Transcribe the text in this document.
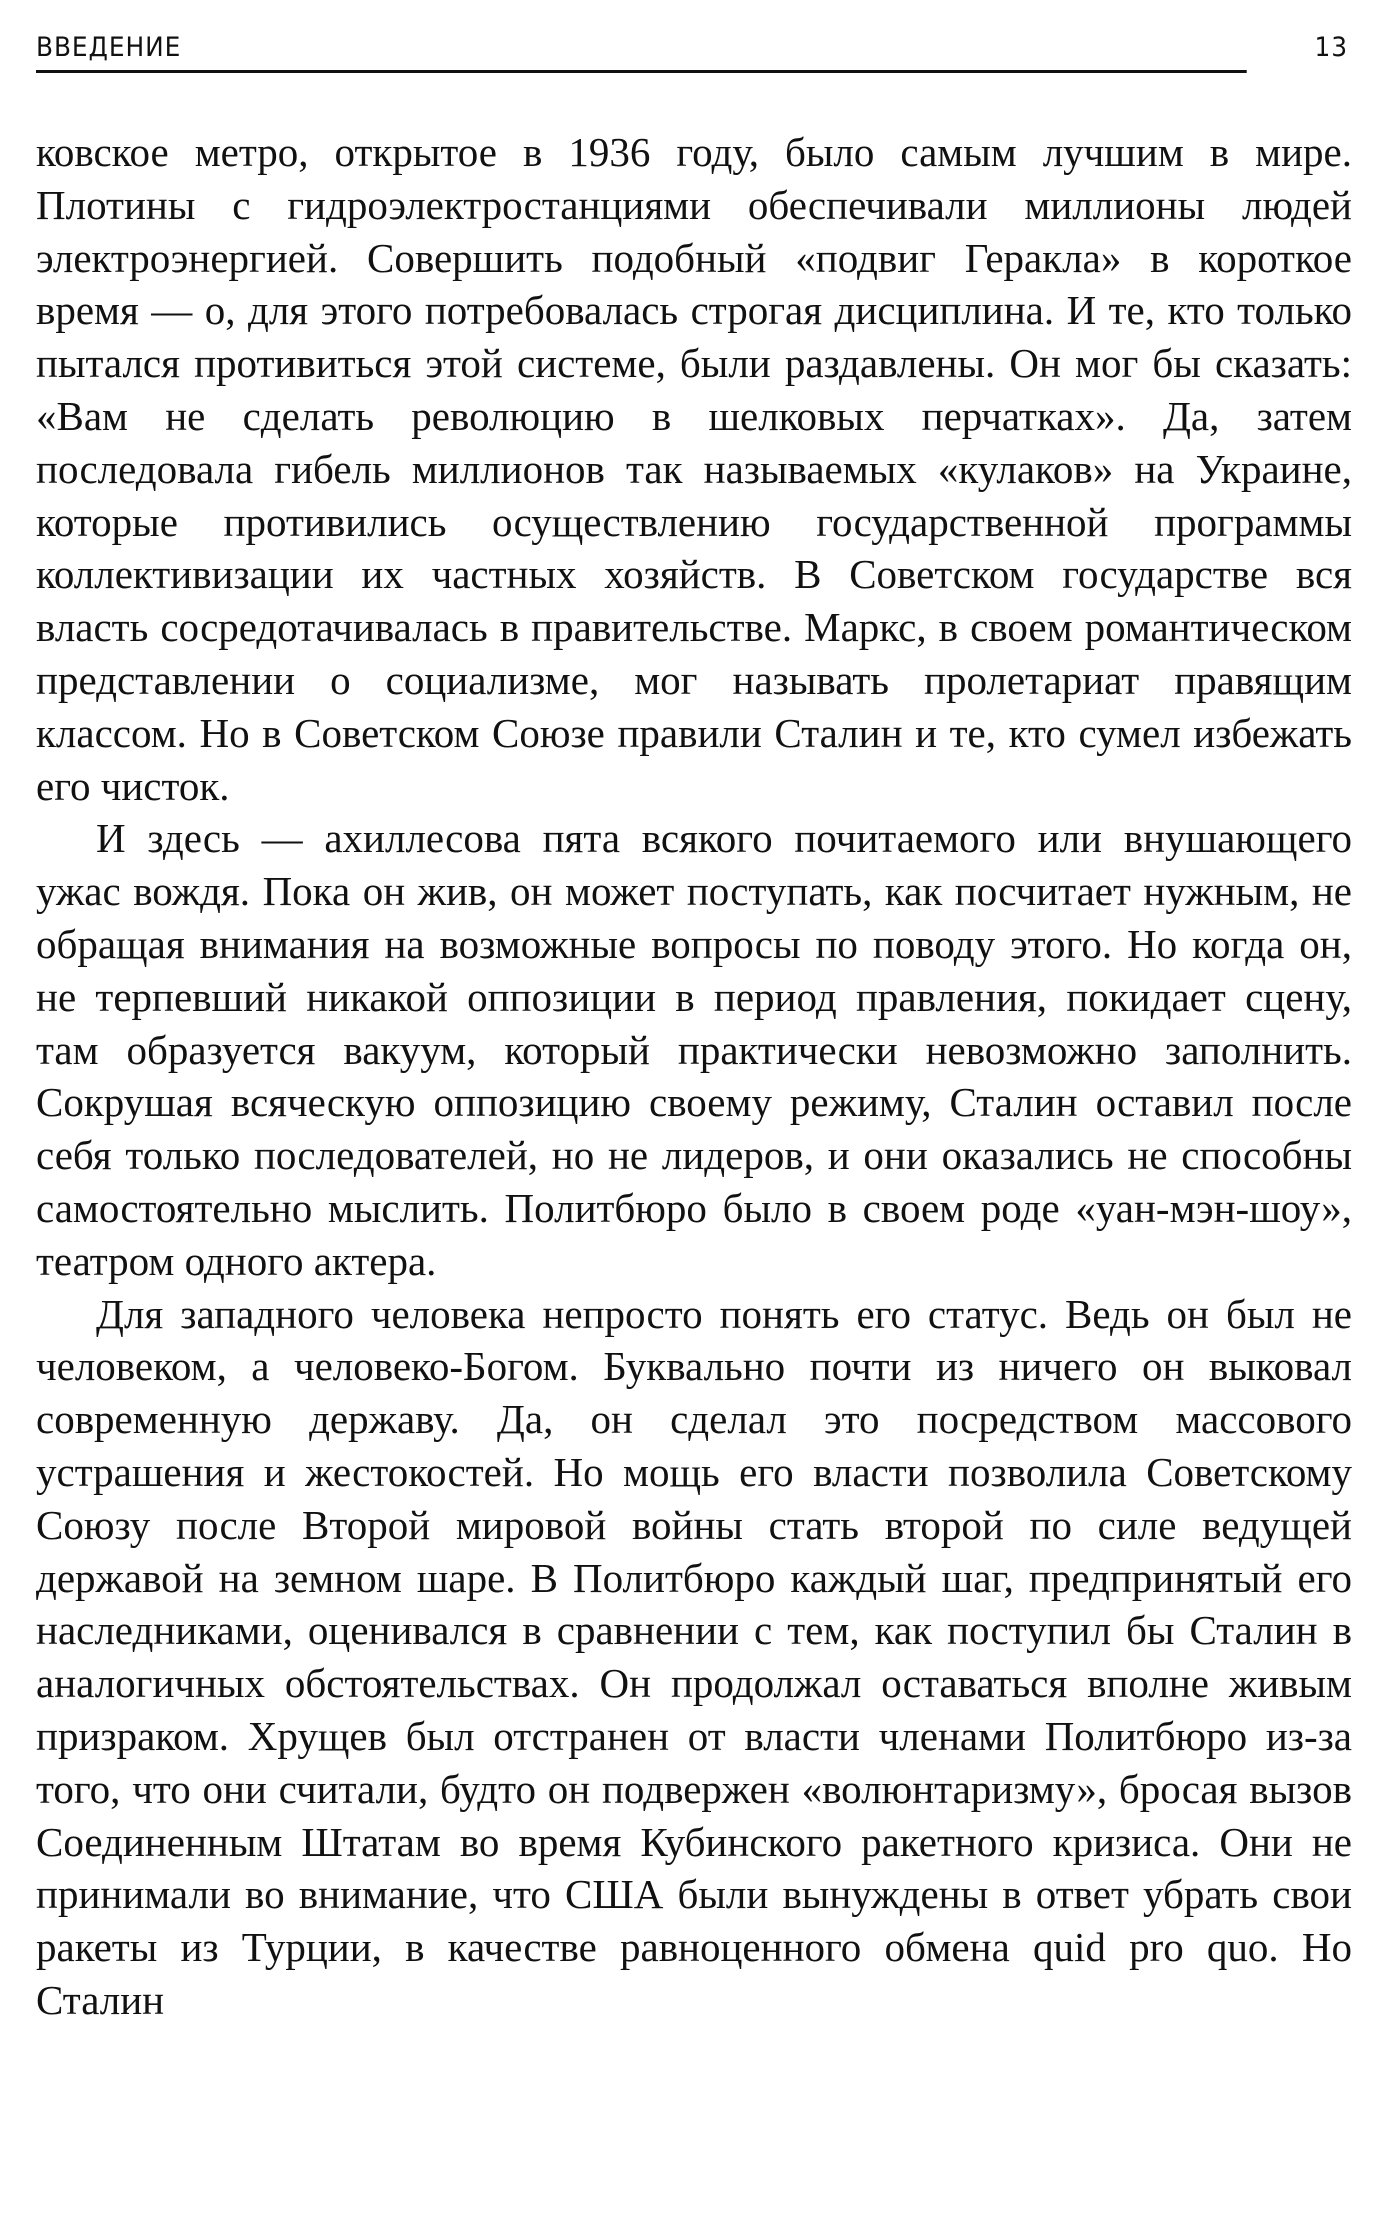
ВВЕДЕНИЕ	13

ковское метро, открытое в 1936 году, было самым лучшим в мире. Плотины с гидроэлектростанциями обеспечивали миллионы людей электроэнергией. Совершить подобный «подвиг Геракла» в короткое время — о, для этого потребовалась строгая дисциплина. И те, кто только пытался противиться этой системе, были раздавлены. Он мог бы сказать: «Вам не сделать революцию в шелковых перчатках». Да, затем последовала гибель миллионов так называемых «кулаков» на Украине, которые противились осуществлению государственной программы коллективизации их частных хозяйств. В Советском государстве вся власть сосредотачивалась в правительстве. Маркс, в своем романтическом представлении о социализме, мог называть пролетариат правящим классом. Но в Советском Союзе правили Сталин и те, кто сумел избежать его чисток.

И здесь — ахиллесова пята всякого почитаемого или внушающего ужас вождя. Пока он жив, он может поступать, как посчитает нужным, не обращая внимания на возможные вопросы по поводу этого. Но когда он, не терпевший никакой оппозиции в период правления, покидает сцену, там образуется вакуум, который практически невозможно заполнить. Сокрушая всяческую оппозицию своему режиму, Сталин оставил после себя только последователей, но не лидеров, и они оказались не способны самостоятельно мыслить. Политбюро было в своем роде «уан-мэн-шоу», театром одного актера.

Для западного человека непросто понять его статус. Ведь он был не человеком, а человеко-Богом. Буквально почти из ничего он выковал современную державу. Да, он сделал это посредством массового устрашения и жестокостей. Но мощь его власти позволила Советскому Союзу после Второй мировой войны стать второй по силе ведущей державой на земном шаре. В Политбюро каждый шаг, предпринятый его наследниками, оценивался в сравнении с тем, как поступил бы Сталин в аналогичных обстоятельствах. Он продолжал оставаться вполне живым призраком. Хрущев был отстранен от власти членами Политбюро из-за того, что они считали, будто он подвержен «волюнтаризму», бросая вызов Соединенным Штатам во время Кубинского ракетного кризиса. Они не принимали во внимание, что США были вынуждены в ответ убрать свои ракеты из Турции, в качестве равноценного обмена quid pro quo. Но Сталин
